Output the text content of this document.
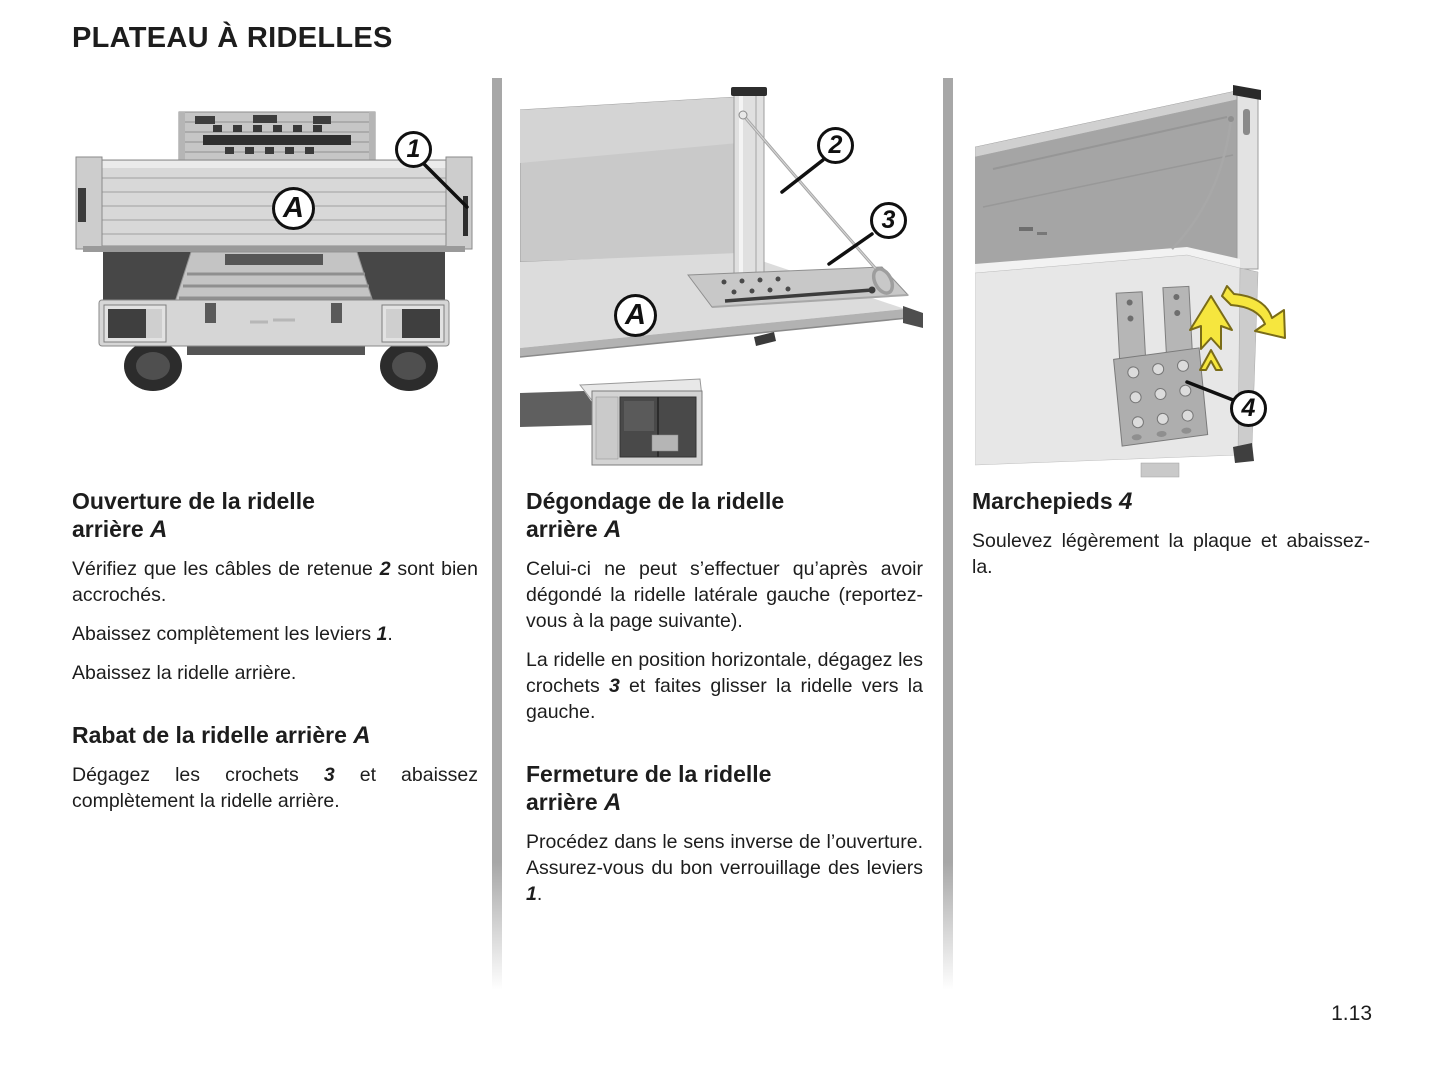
PLATEAU À RIDELLES
1
A
2
3
A
4
Ouverture de la ridelle
arrière A

Vérifiez que les câbles de retenue 2 sont bien accrochés.

Abaissez complètement les leviers 1.

Abaissez la ridelle arrière.

Rabat de la ridelle arrière A

Dégagez les crochets 3 et abaissez complètement la ridelle arrière.

Dégondage de la ridelle
arrière A

Celui-ci ne peut s’effectuer qu’après avoir dégondé la ridelle latérale gauche (reportez-vous à la page suivante).

La ridelle en position horizontale, dégagez les crochets 3 et faites glisser la ridelle vers la gauche.

Fermeture de la ridelle
arrière A

Procédez dans le sens inverse de l’ouverture. Assurez-vous du bon verrouillage des leviers 1.

Marchepieds 4

Soulevez légèrement la plaque et abaissez-la.

1.13
